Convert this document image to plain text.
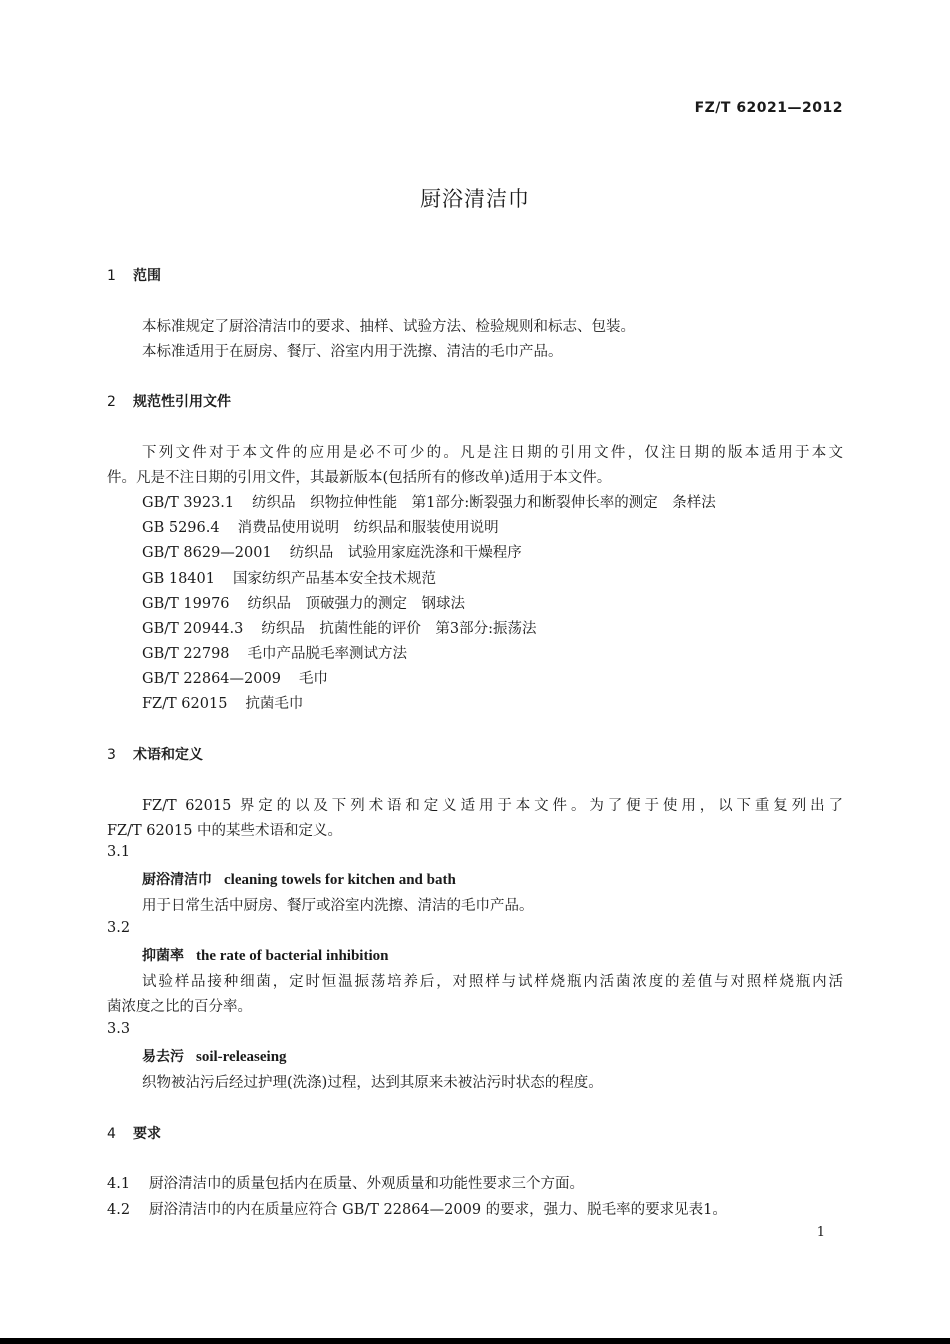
FZ/T 62021—2012
厨浴清洁巾
1 范围
本标准规定了厨浴清洁巾的要求、抽样、试验方法、检验规则和标志、包装。
本标准适用于在厨房、餐厅、浴室内用于洗擦、清洁的毛巾产品。
2 规范性引用文件
下列文件对于本文件的应用是必不可少的。凡是注日期的引用文件，仅注日期的版本适用于本文
件。凡是不注日期的引用文件，其最新版本(包括所有的修改单)适用于本文件。
GB/T 3923.1 纺织品　织物拉伸性能　第1部分:断裂强力和断裂伸长率的测定　条样法
GB 5296.4 消费品使用说明　纺织品和服装使用说明
GB/T 8629—2001 纺织品　试验用家庭洗涤和干燥程序
GB 18401 国家纺织产品基本安全技术规范
GB/T 19976 纺织品　顶破强力的测定　钢球法
GB/T 20944.3 纺织品　抗菌性能的评价　第3部分:振荡法
GB/T 22798 毛巾产品脱毛率测试方法
GB/T 22864—2009 毛巾
FZ/T 62015 抗菌毛巾
3 术语和定义
FZ/T 62015 界定的以及下列术语和定义适用于本文件。为了便于使用，以下重复列出了
FZ/T 62015 中的某些术语和定义。
3.1
厨浴清洁巾 cleaning towels for kitchen and bath
用于日常生活中厨房、餐厅或浴室内洗擦、清洁的毛巾产品。
3.2
抑菌率 the rate of bacterial inhibition
试验样品接种细菌，定时恒温振荡培养后，对照样与试样烧瓶内活菌浓度的差值与对照样烧瓶内活
菌浓度之比的百分率。
3.3
易去污 soil-releaseing
织物被沾污后经过护理(洗涤)过程，达到其原来未被沾污时状态的程度。
4 要求
4.1 厨浴清洁巾的质量包括内在质量、外观质量和功能性要求三个方面。
4.2 厨浴清洁巾的内在质量应符合 GB/T 22864—2009 的要求，强力、脱毛率的要求见表1。
1
